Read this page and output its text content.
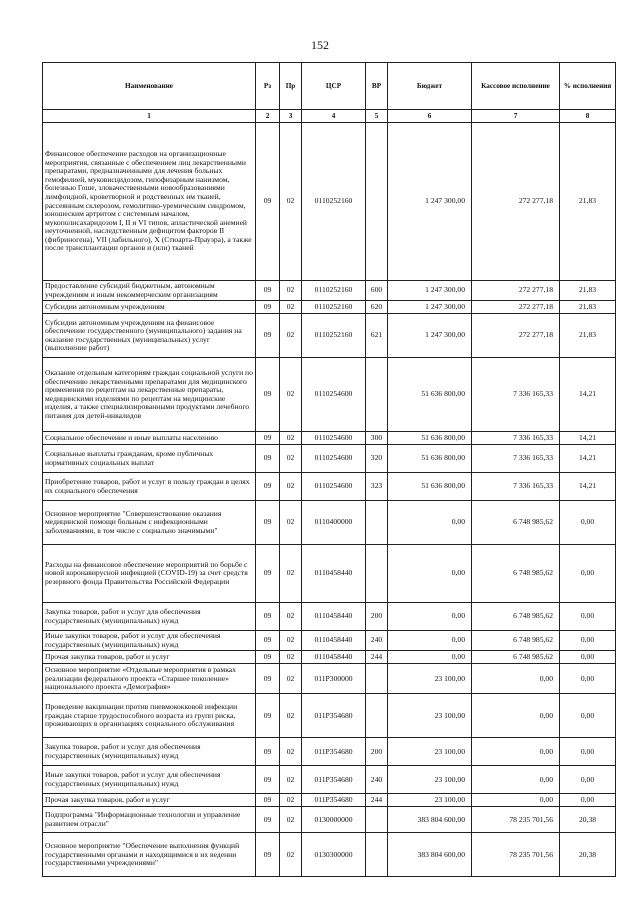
152
Наименование	Рз	Пр	ЦСР	ВР	Бюджет	Кассовое исполнение	% исполнения
1	2	3	4	5	6	7	8
Финансовое обеспечение расходов на организационные мероприятия, связанные с обеспечением лиц лекарственными препаратами, предназначенными для лечения больных гемофилией, муковисцидозом, гипофизарным нанизмом, болезнью Гоше, злокачественными новообразованиями лимфоидной, кроветворной и родственных им тканей, рассеянным склерозом, гемолитико-уремическим синдромом, юношеским артритом с системным началом, мукополисахаридозом I, II и VI типов, апластической анемией неуточненной, наследственным дефицитом факторов II (фибриногена), VII (лабильного), X (Стюарта-Прауэра), а также после трансплантации органов и (или) тканей	09	02	0110252160		1 247 300,00	272 277,18	21,83
Предоставление субсидий бюджетным, автономным учреждениям и иным некоммерческим организациям	09	02	0110252160	600	1 247 300,00	272 277,18	21,83
Субсидии автономным учреждениям	09	02	0110252160	620	1 247 300,00	272 277,18	21,83
Субсидии автономным учреждениям на финансовое обеспечение государственного (муниципального) задания на оказание государственных (муниципальных) услуг (выполнение работ)	09	02	0110252160	621	1 247 300,00	272 277,18	21,83
Оказание отдельным категориям граждан социальной услуги по обеспечению лекарственными препаратами для медицинского применения по рецептам на лекарственные препараты, медицинскими изделиями по рецептам на медицинские изделия, а также специализированными продуктами лечебного питания для детей-инвалидов	09	02	0110254600		51 636 800,00	7 336 165,33	14,21
Социальное обеспечение и иные выплаты населению	09	02	0110254600	300	51 636 800,00	7 336 165,33	14,21
Социальные выплаты гражданам, кроме публичных нормативных социальных выплат	09	02	0110254600	320	51 636 800,00	7 336 165,33	14,21
Приобретение товаров, работ и услуг в пользу граждан в целях их социального обеспечения	09	02	0110254600	323	51 636 800,00	7 336 165,33	14,21
Основное мероприятие "Совершенствование оказания медицинской помощи больным с инфекционными заболеваниями, в том числе с социально значимыми"	09	02	0110400000		0,00	6 748 985,62	0,00
Расходы на финансовое обеспечение мероприятий по борьбе с новой коронавирусной инфекцией (COVID-19) за счет средств резервного фонда Правительства Российской Федерации	09	02	0110458440		0,00	6 748 985,62	0,00
Закупка товаров, работ и услуг для обеспечения государственных (муниципальных) нужд	09	02	0110458440	200	0,00	6 748 985,62	0,00
Иные закупки товаров, работ и услуг для обеспечения государственных (муниципальных) нужд	09	02	0110458440	240	0,00	6 748 985,62	0,00
Прочая закупка товаров, работ и услуг	09	02	0110458440	244	0,00	6 748 985,62	0,00
Основное мероприятие «Отдельные мероприятия в рамках реализации федерального проекта «Старшее поколение» национального проекта «Демография»	09	02	011P300000		23 100,00	0,00	0,00
Проведение вакцинации против пневмококковой инфекции граждан старше трудоспособного возраста из групп риска, проживающих в организациях социального обслуживания	09	02	011P354680		23 100,00	0,00	0,00
Закупка товаров, работ и услуг для обеспечения государственных (муниципальных) нужд	09	02	011P354680	200	23 100,00	0,00	0,00
Иные закупки товаров, работ и услуг для обеспечения государственных (муниципальных) нужд	09	02	011P354680	240	23 100,00	0,00	0,00
Прочая закупка товаров, работ и услуг	09	02	011P354680	244	23 100,00	0,00	0,00
Подпрограмма "Информационные технологии и управление развитием отрасли"	09	02	0130000000		383 804 600,00	78 235 701,56	20,38
Основное мероприятие "Обеспечение выполнения функций государственными органами и находящимися в их ведении государственными учреждениями"	09	02	0130300000		383 804 600,00	78 235 701,56	20,38
